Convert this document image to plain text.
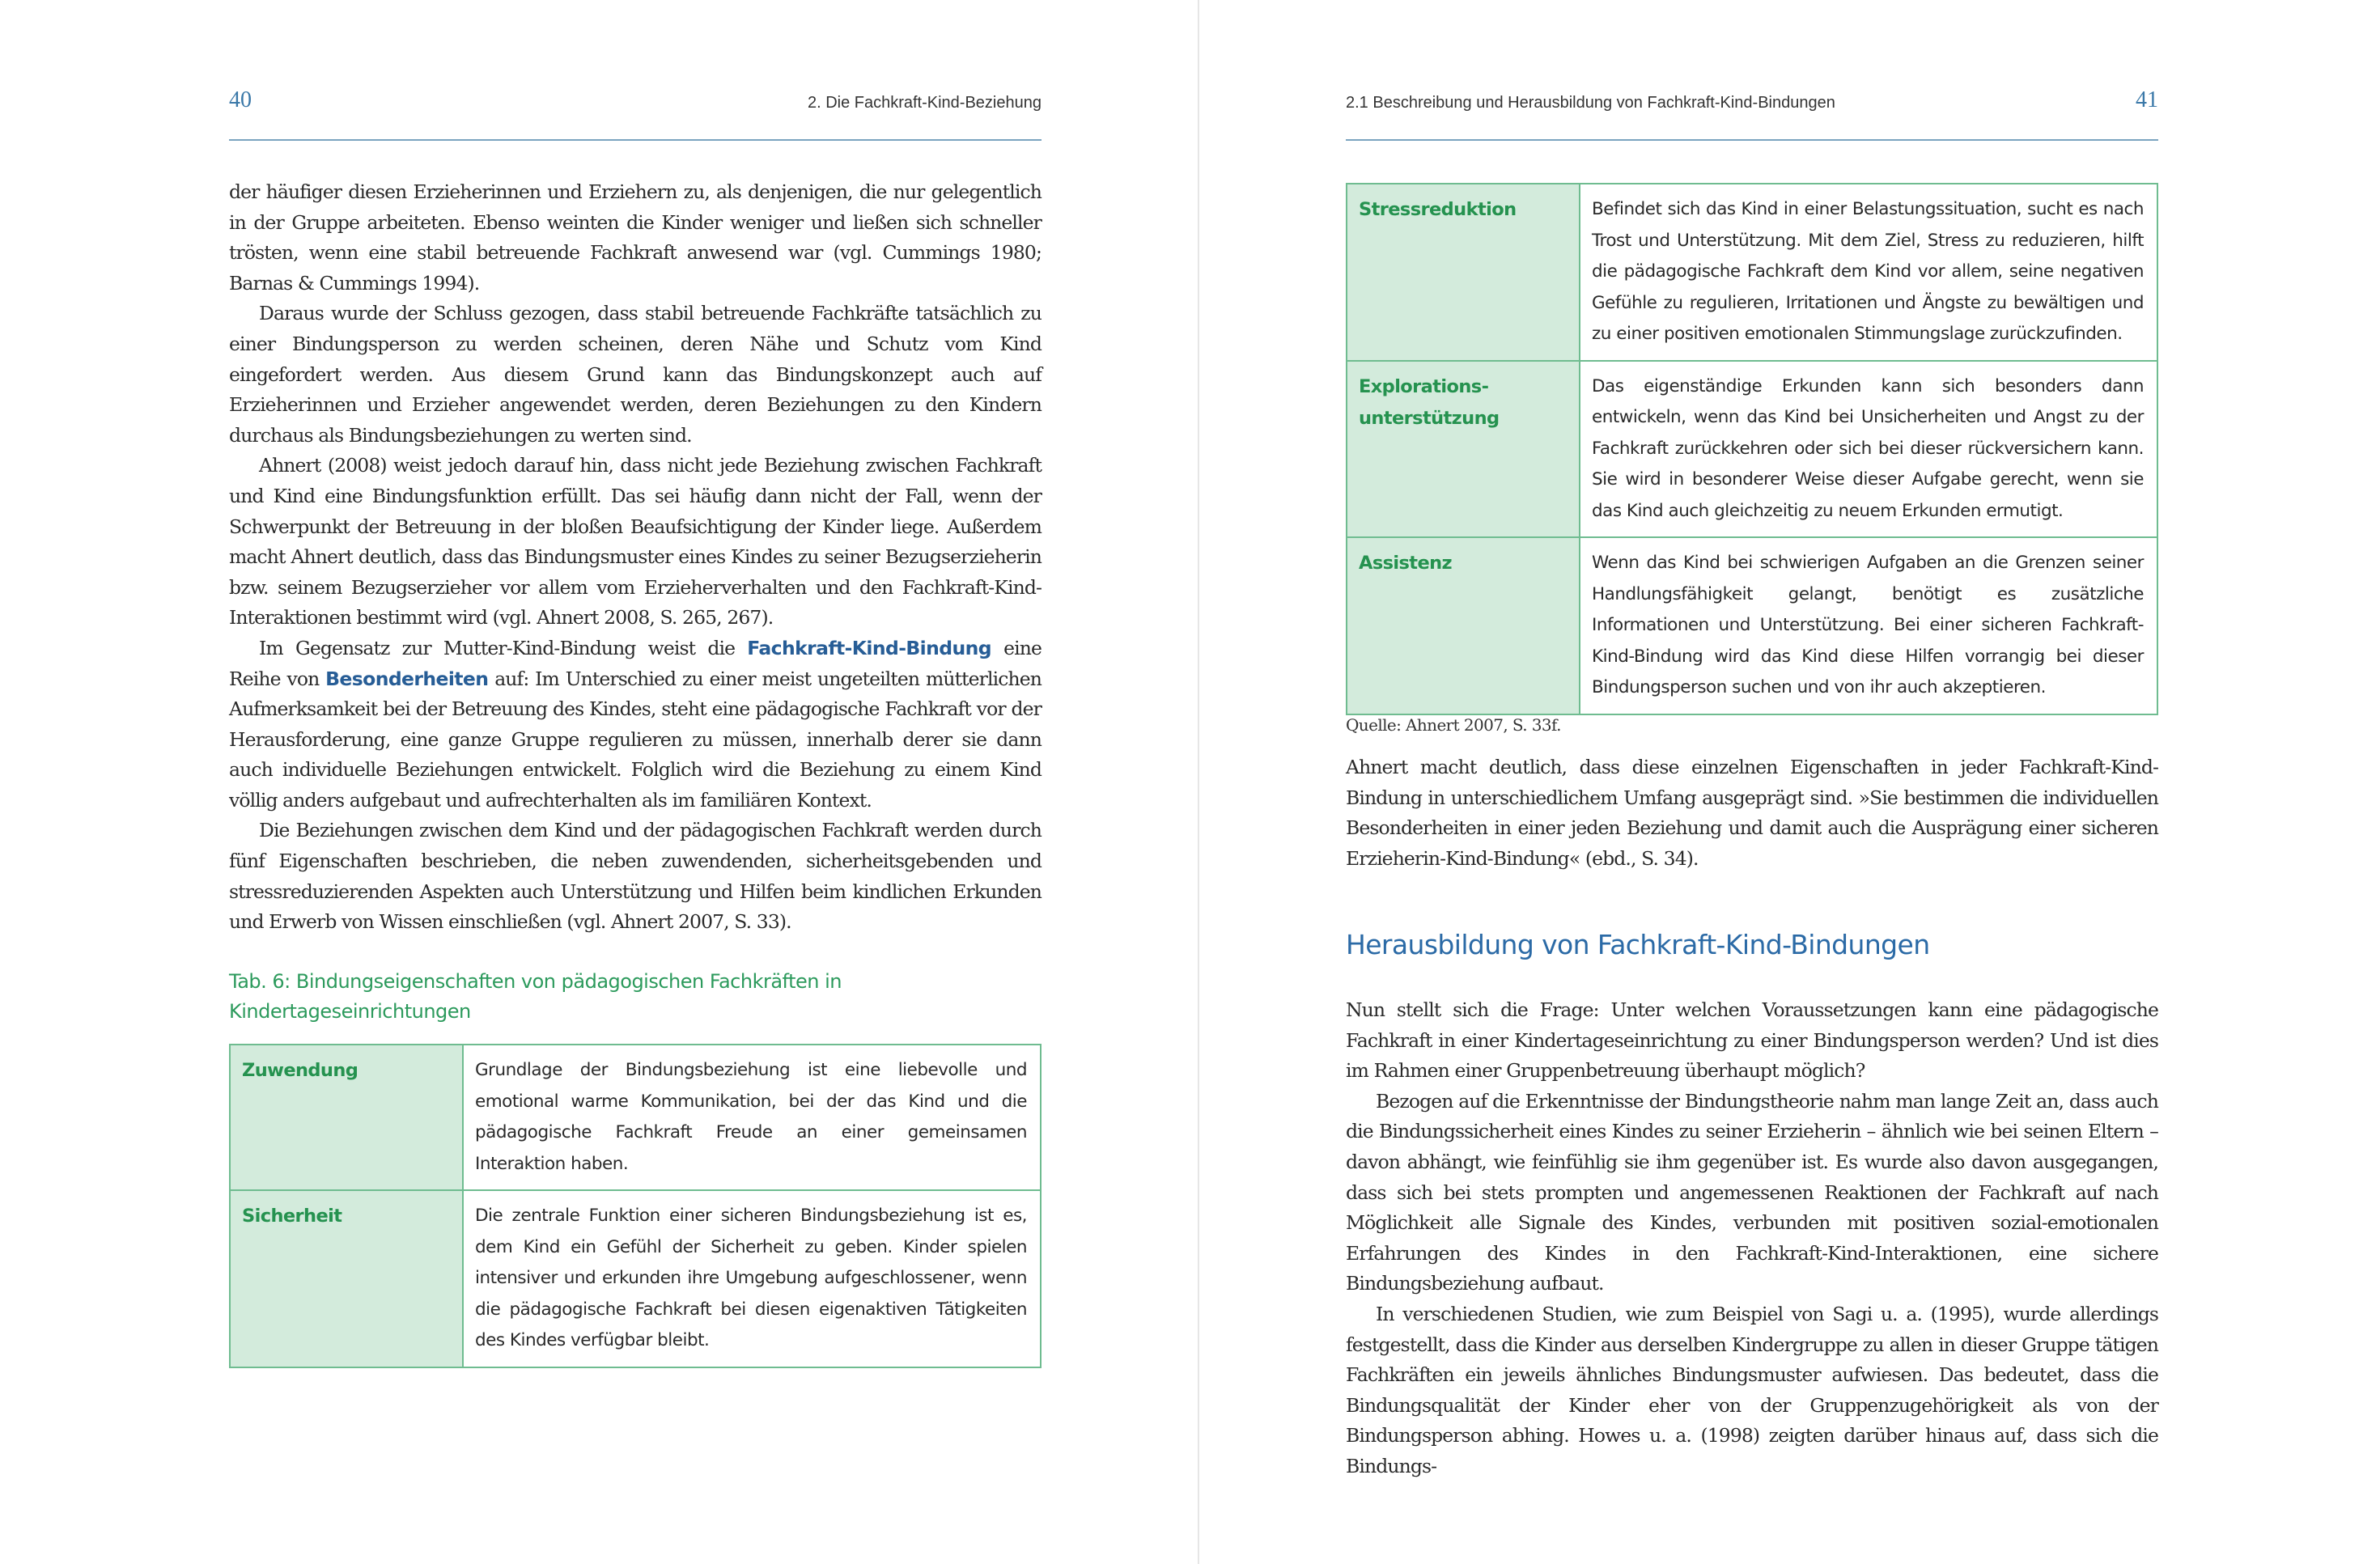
40	2. Die Fachkraft-Kind-Beziehung

der häufiger diesen Erzieherinnen und Erziehern zu, als denjenigen, die nur gelegentlich in der Gruppe arbeiteten. Ebenso weinten die Kinder weniger und ließen sich schneller trösten, wenn eine stabil betreuende Fachkraft anwesend war (vgl. Cummings 1980; Barnas & Cummings 1994).

Daraus wurde der Schluss gezogen, dass stabil betreuende Fachkräfte tatsächlich zu einer Bindungsperson zu werden scheinen, deren Nähe und Schutz vom Kind eingefordert werden. Aus diesem Grund kann das Bindungskonzept auch auf Erzieherinnen und Erzieher angewendet werden, deren Beziehungen zu den Kindern durchaus als Bindungsbeziehungen zu werten sind.

Ahnert (2008) weist jedoch darauf hin, dass nicht jede Beziehung zwischen Fachkraft und Kind eine Bindungsfunktion erfüllt. Das sei häufig dann nicht der Fall, wenn der Schwerpunkt der Betreuung in der bloßen Beaufsichtigung der Kinder liege. Außerdem macht Ahnert deutlich, dass das Bindungsmuster eines Kindes zu seiner Bezugserzieherin bzw. seinem Bezugserzieher vor allem vom Erzieherverhalten und den Fachkraft-Kind-Interaktionen bestimmt wird (vgl. Ahnert 2008, S. 265, 267).

Im Gegensatz zur Mutter-Kind-Bindung weist die Fachkraft-Kind-Bindung eine Reihe von Besonderheiten auf: Im Unterschied zu einer meist ungeteilten mütterlichen Aufmerksamkeit bei der Betreuung des Kindes, steht eine pädagogische Fachkraft vor der Herausforderung, eine ganze Gruppe regulieren zu müssen, innerhalb derer sie dann auch individuelle Beziehungen entwickelt. Folglich wird die Beziehung zu einem Kind völlig anders aufgebaut und aufrechterhalten als im familiären Kontext.

Die Beziehungen zwischen dem Kind und der pädagogischen Fachkraft werden durch fünf Eigenschaften beschrieben, die neben zuwendenden, sicherheitsgebenden und stressreduzierenden Aspekten auch Unterstützung und Hilfen beim kindlichen Erkunden und Erwerb von Wissen einschließen (vgl. Ahnert 2007, S. 33).

Tab. 6: Bindungseigenschaften von pädagogischen Fachkräften in Kindertageseinrichtungen

Zuwendung	Grundlage der Bindungsbeziehung ist eine liebevolle und emotional warme Kommunikation, bei der das Kind und die pädagogische Fachkraft Freude an einer gemeinsamen Interaktion haben.
Sicherheit	Die zentrale Funktion einer sicheren Bindungsbeziehung ist es, dem Kind ein Gefühl der Sicherheit zu geben. Kinder spielen intensiver und erkunden ihre Umgebung aufgeschlossener, wenn die pädagogische Fachkraft bei diesen eigenaktiven Tätigkeiten des Kindes verfügbar bleibt.
2.1 Beschreibung und Herausbildung von Fachkraft-Kind-Bindungen	41
Stressreduktion	Befindet sich das Kind in einer Belastungssituation, sucht es nach Trost und Unterstützung. Mit dem Ziel, Stress zu reduzieren, hilft die pädagogische Fachkraft dem Kind vor allem, seine negativen Gefühle zu regulieren, Irritationen und Ängste zu bewältigen und zu einer positiven emotionalen Stimmungslage zurückzufinden.
Explorationsunterstützung	Das eigenständige Erkunden kann sich besonders dann entwickeln, wenn das Kind bei Unsicherheiten und Angst zu der Fachkraft zurückkehren oder sich bei dieser rückversichern kann. Sie wird in besonderer Weise dieser Aufgabe gerecht, wenn sie das Kind auch gleichzeitig zu neuem Erkunden ermutigt.
Assistenz	Wenn das Kind bei schwierigen Aufgaben an die Grenzen seiner Handlungsfähigkeit gelangt, benötigt es zusätzliche Informationen und Unterstützung. Bei einer sicheren Fachkraft-Kind-Bindung wird das Kind diese Hilfen vorrangig bei dieser Bindungsperson suchen und von ihr auch akzeptieren.

Quelle: Ahnert 2007, S. 33f.

Ahnert macht deutlich, dass diese einzelnen Eigenschaften in jeder Fachkraft-Kind-Bindung in unterschiedlichem Umfang ausgeprägt sind. »Sie bestimmen die individuellen Besonderheiten in einer jeden Beziehung und damit auch die Ausprägung einer sicheren Erzieherin-Kind-Bindung« (ebd., S. 34).

Herausbildung von Fachkraft-Kind-Bindungen

Nun stellt sich die Frage: Unter welchen Voraussetzungen kann eine pädagogische Fachkraft in einer Kindertageseinrichtung zu einer Bindungsperson werden? Und ist dies im Rahmen einer Gruppenbetreuung überhaupt möglich?

Bezogen auf die Erkenntnisse der Bindungstheorie nahm man lange Zeit an, dass auch die Bindungssicherheit eines Kindes zu seiner Erzieherin – ähnlich wie bei seinen Eltern – davon abhängt, wie feinfühlig sie ihm gegenüber ist. Es wurde also davon ausgegangen, dass sich bei stets prompten und angemessenen Reaktionen der Fachkraft auf nach Möglichkeit alle Signale des Kindes, verbunden mit positiven sozial-emotionalen Erfahrungen des Kindes in den Fachkraft-Kind-Interaktionen, eine sichere Bindungsbeziehung aufbaut.

In verschiedenen Studien, wie zum Beispiel von Sagi u. a. (1995), wurde allerdings festgestellt, dass die Kinder aus derselben Kindergruppe zu allen in dieser Gruppe tätigen Fachkräften ein jeweils ähnliches Bindungsmuster aufwiesen. Das bedeutet, dass die Bindungsqualität der Kinder eher von der Gruppenzugehörigkeit als von der Bindungsperson abhing. Howes u. a. (1998) zeigten darüber hinaus auf, dass sich die Bindungs-
